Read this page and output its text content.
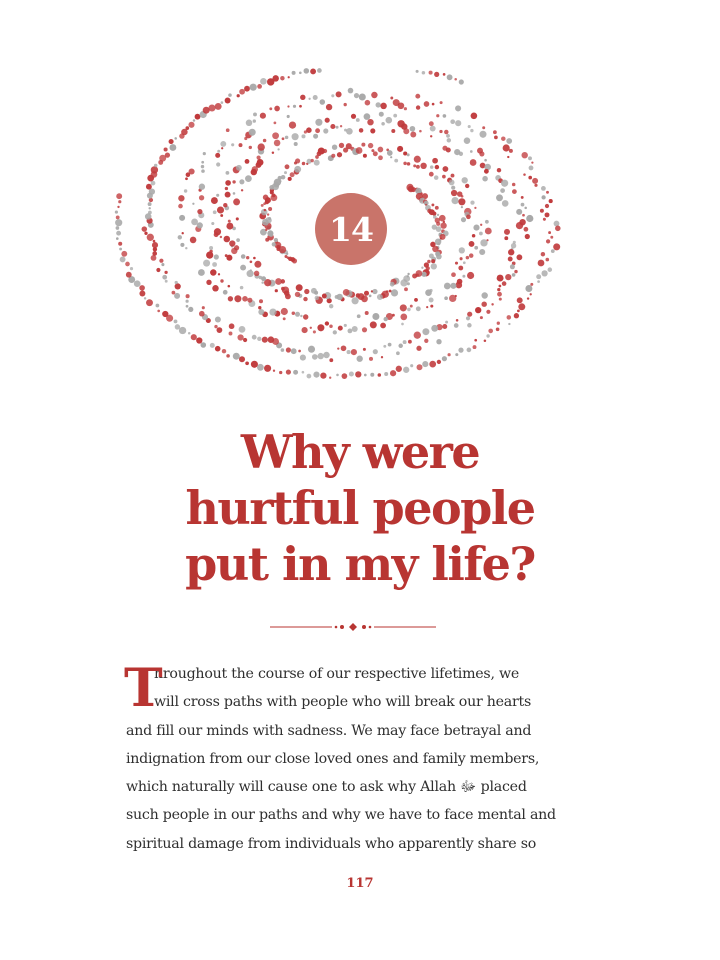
14
Why were
hurtful people
put in my life?
T
hroughout the course of our respective lifetimes, we
will cross paths with people who will break our hearts
and fill our minds with sadness. We may face betrayal and
indignation from our close loved ones and family members,
which naturally will cause one to ask why Allah ﷻ placed
such people in our paths and why we have to face mental and
spiritual damage from individuals who apparently share so
117
